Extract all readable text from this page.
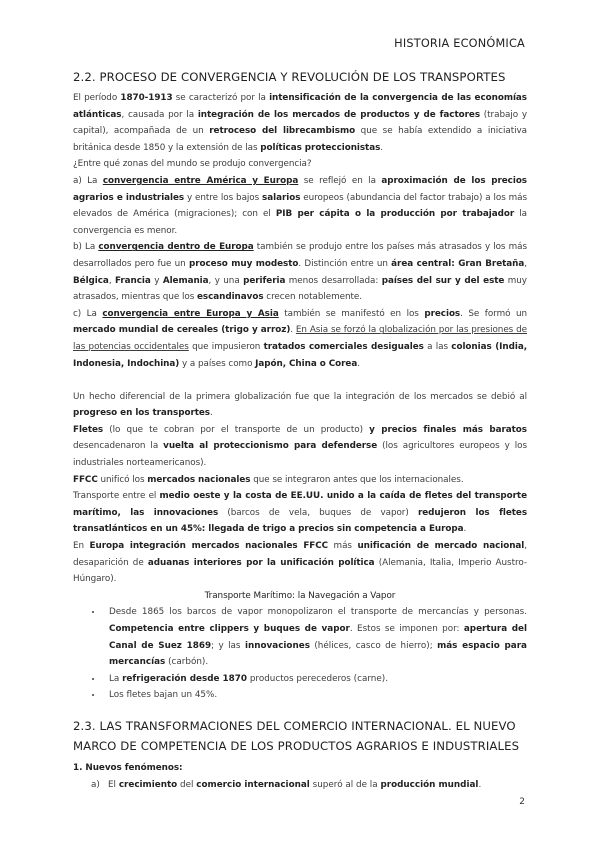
HISTORIA ECONÓMICA
2.2. PROCESO DE CONVERGENCIA Y REVOLUCIÓN DE LOS TRANSPORTES

El período 1870-1913 se caracterizó por la intensificación de la convergencia de las economías atlánticas, causada por la integración de los mercados de productos y de factores (trabajo y capital), acompañada de un retroceso del librecambismo que se había extendido a iniciativa británica desde 1850 y la extensión de las políticas proteccionistas.

¿Entre qué zonas del mundo se produjo convergencia?

a) La convergencia entre América y Europa se reflejó en la aproximación de los precios agrarios e industriales y entre los bajos salarios europeos (abundancia del factor trabajo) a los más elevados de América (migraciones); con el PIB per cápita o la producción por trabajador la convergencia es menor.

b) La convergencia dentro de Europa también se produjo entre los países más atrasados y los más desarrollados pero fue un proceso muy modesto. Distinción entre un área central: Gran Bretaña, Bélgica, Francia y Alemania, y una periferia menos desarrollada: países del sur y del este muy atrasados, mientras que los escandinavos crecen notablemente.

c) La convergencia entre Europa y Asia también se manifestó en los precios. Se formó un mercado mundial de cereales (trigo y arroz). En Asia se forzó la globalización por las presiones de las potencias occidentales que impusieron tratados comerciales desiguales a las colonias (India, Indonesia, Indochina) y a países como Japón, China o Corea.

Un hecho diferencial de la primera globalización fue que la integración de los mercados se debió al progreso en los transportes.

Fletes (lo que te cobran por el transporte de un producto) y precios finales más baratos desencadenaron la vuelta al proteccionismo para defenderse (los agricultores europeos y los industriales norteamericanos).

FFCC unificó los mercados nacionales que se integraron antes que los internacionales.

Transporte entre el medio oeste y la costa de EE.UU. unido a la caída de fletes del transporte marítimo, las innovaciones (barcos de vela, buques de vapor) redujeron los fletes transatlánticos en un 45%: llegada de trigo a precios sin competencia a Europa.

En Europa integración mercados nacionales FFCC más unificación de mercado nacional, desaparición de aduanas interiores por la unificación política (Alemania, Italia, Imperio Austro-Húngaro).

Transporte Marítimo: la Navegación a Vapor

• Desde 1865 los barcos de vapor monopolizaron el transporte de mercancías y personas. Competencia entre clippers y buques de vapor. Estos se imponen por: apertura del Canal de Suez 1869; y las innovaciones (hélices, casco de hierro); más espacio para mercancías (carbón).
• La refrigeración desde 1870 productos perecederos (carne).
• Los fletes bajan un 45%.
2.3. LAS TRANSFORMACIONES DEL COMERCIO INTERNACIONAL. EL NUEVO MARCO DE COMPETENCIA DE LOS PRODUCTOS AGRARIOS E INDUSTRIALES

1. Nuevos fenómenos:

a) El crecimiento del comercio internacional superó al de la producción mundial.
2
